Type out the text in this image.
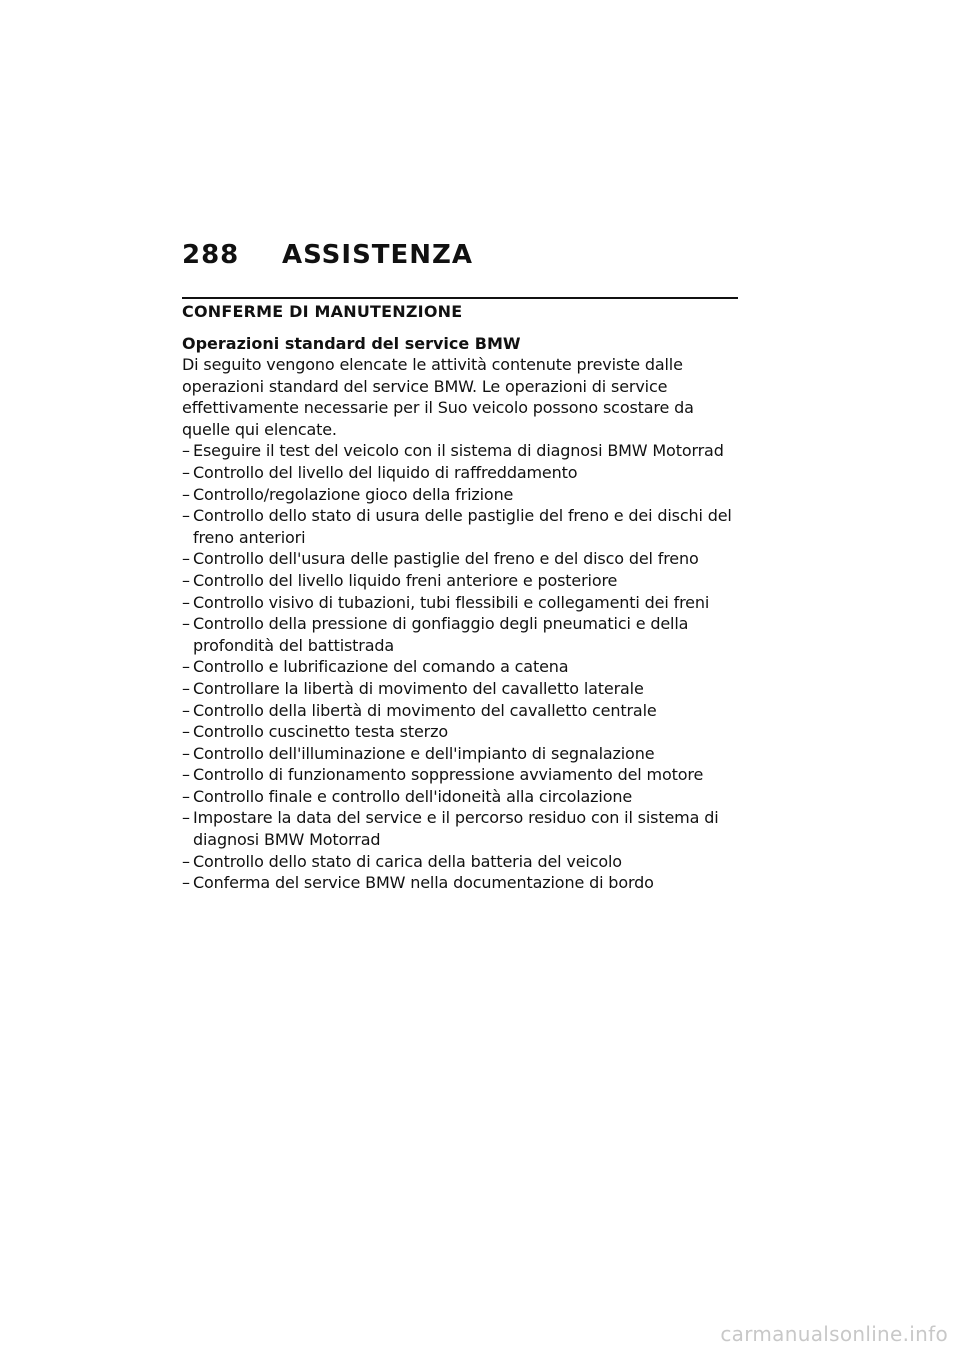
288	ASSISTENZA
CONFERME DI MANUTENZIONE
Operazioni standard del service BMW

Di seguito vengono elencate le attività contenute previste dalle operazioni standard del service BMW. Le operazioni di service effettivamente necessarie per il Suo veicolo possono scostare da quelle qui elencate.

– Eseguire il test del veicolo con il sistema di diagnosi BMW Motorrad
– Controllo del livello del liquido di raffreddamento
– Controllo/regolazione gioco della frizione
– Controllo dello stato di usura delle pastiglie del freno e dei dischi del freno anteriori
– Controllo dell'usura delle pastiglie del freno e del disco del freno
– Controllo del livello liquido freni anteriore e posteriore
– Controllo visivo di tubazioni, tubi flessibili e collegamenti dei freni
– Controllo della pressione di gonfiaggio degli pneumatici e della profondità del battistrada
– Controllo e lubrificazione del comando a catena
– Controllare la libertà di movimento del cavalletto laterale
– Controllo della libertà di movimento del cavalletto centrale
– Controllo cuscinetto testa sterzo
– Controllo dell'illuminazione e dell'impianto di segnalazione
– Controllo di funzionamento soppressione avviamento del motore
– Controllo finale e controllo dell'idoneità alla circolazione
– Impostare la data del service e il percorso residuo con il sistema di diagnosi BMW Motorrad
– Controllo dello stato di carica della batteria del veicolo
– Conferma del service BMW nella documentazione di bordo
carmanualsonline.info
